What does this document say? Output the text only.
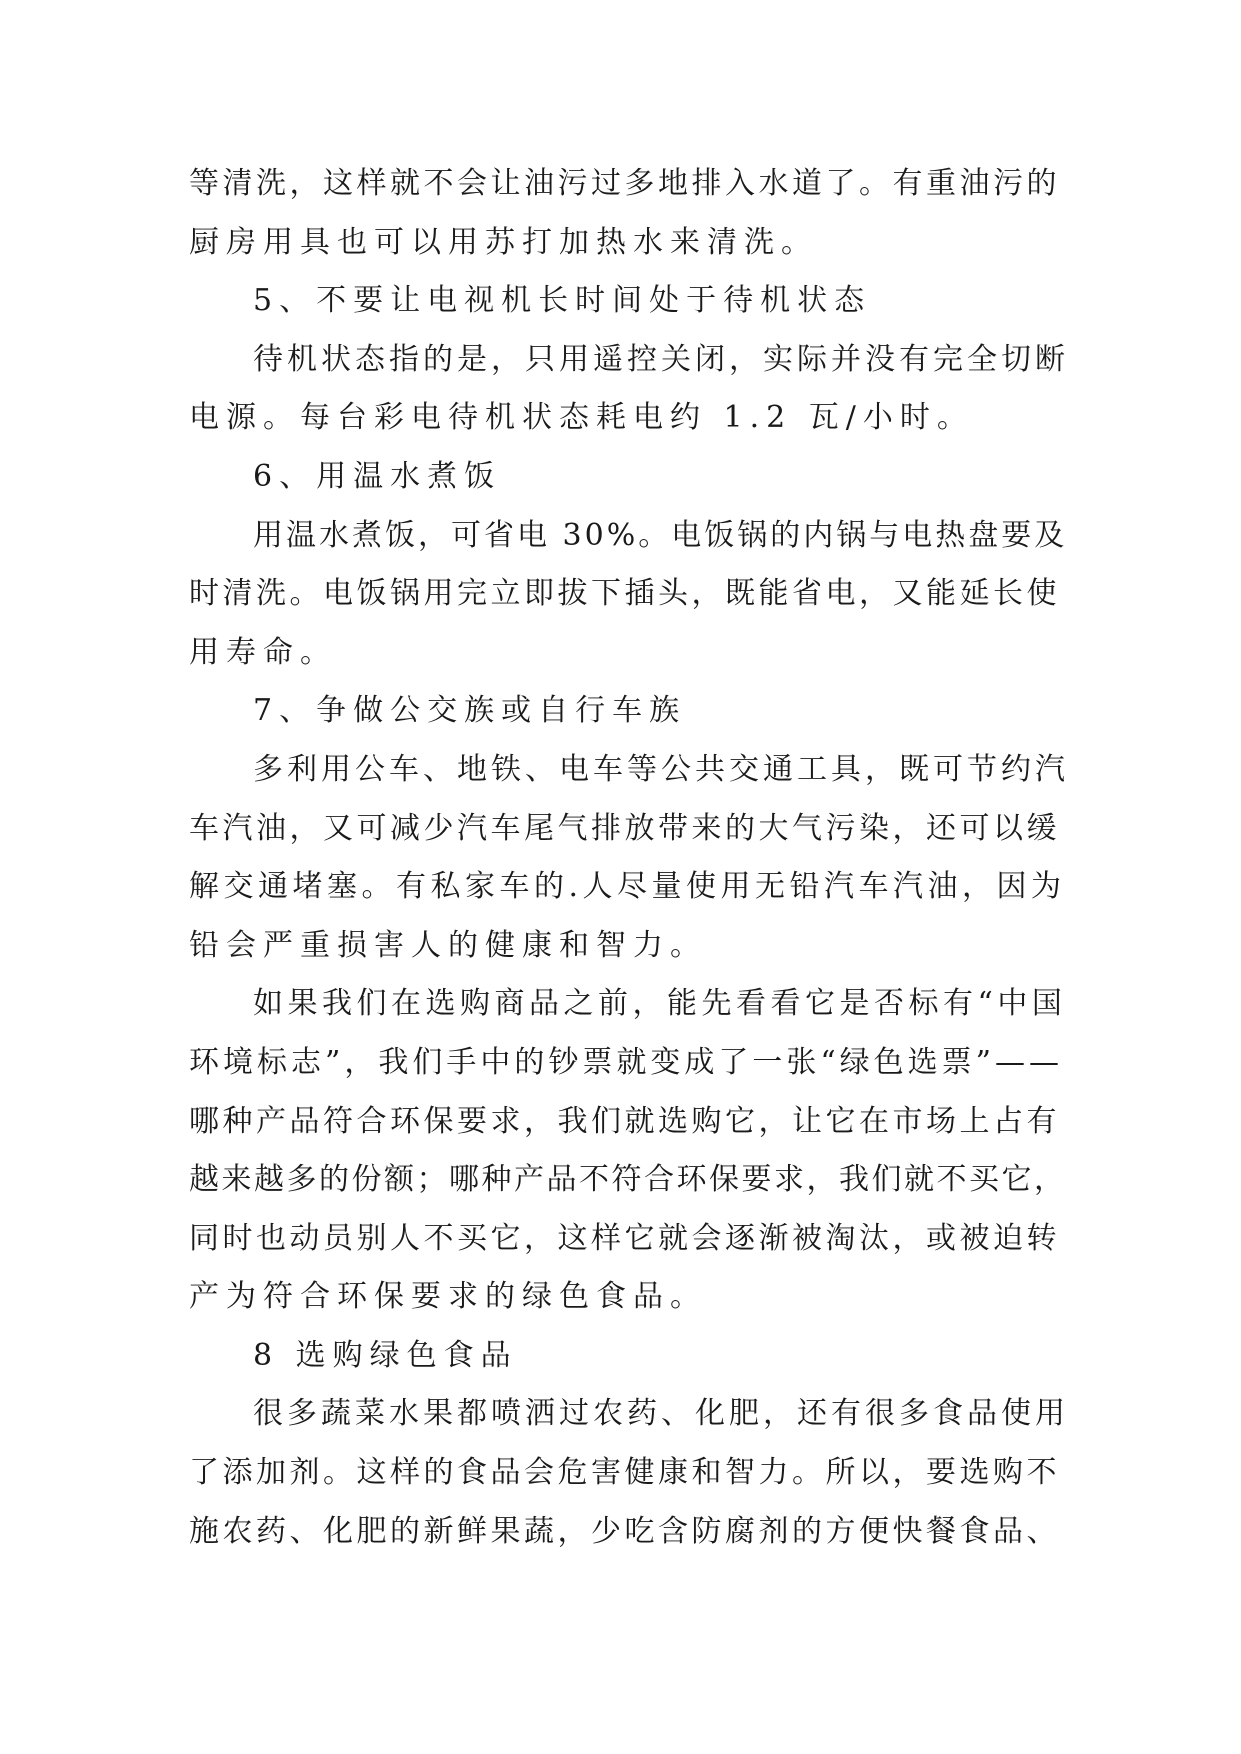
等清洗，这样就不会让油污过多地排入水道了。有重油污的

厨房用具也可以用苏打加热水来清洗。

5、不要让电视机长时间处于待机状态

待机状态指的是，只用遥控关闭，实际并没有完全切断

电源。每台彩电待机状态耗电约 1.2 瓦/小时。

6、用温水煮饭

用温水煮饭，可省电 30%。电饭锅的内锅与电热盘要及

时清洗。电饭锅用完立即拔下插头，既能省电，又能延长使

用寿命。

7、争做公交族或自行车族

多利用公车、地铁、电车等公共交通工具，既可节约汽

车汽油，又可减少汽车尾气排放带来的大气污染，还可以缓

解交通堵塞。有私家车的.人尽量使用无铅汽车汽油，因为

铅会严重损害人的健康和智力。

如果我们在选购商品之前，能先看看它是否标有“中国

环境标志”，我们手中的钞票就变成了一张“绿色选票”——

哪种产品符合环保要求，我们就选购它，让它在市场上占有

越来越多的份额；哪种产品不符合环保要求，我们就不买它，

同时也动员别人不买它，这样它就会逐渐被淘汰，或被迫转

产为符合环保要求的绿色食品。

8 选购绿色食品

很多蔬菜水果都喷洒过农药、化肥，还有很多食品使用

了添加剂。这样的食品会危害健康和智力。所以，要选购不

施农药、化肥的新鲜果蔬，少吃含防腐剂的方便快餐食品、
